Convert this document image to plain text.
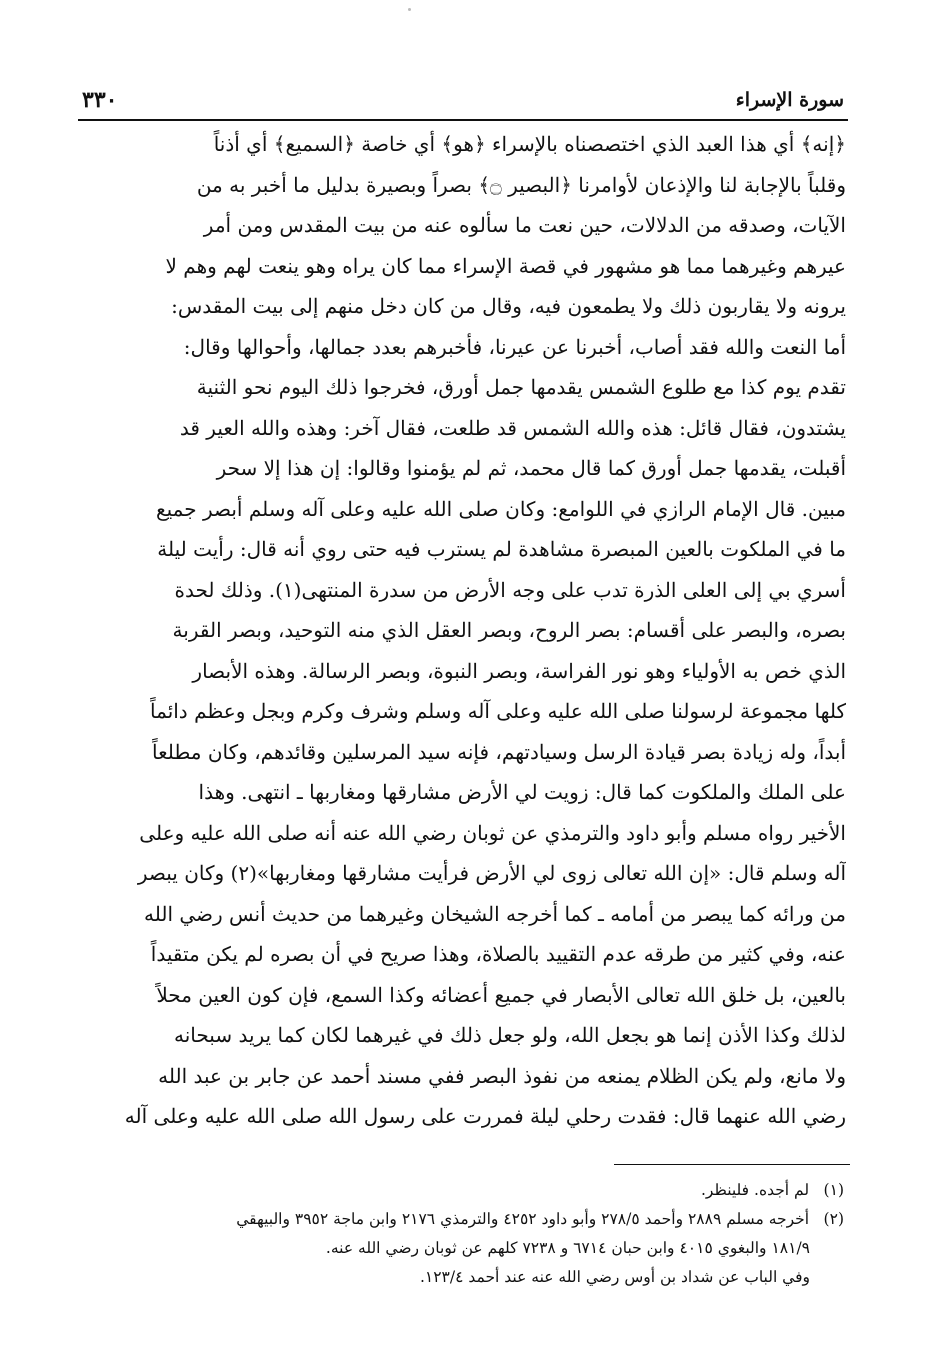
سورة الإسراء
٣٣٠
﴿إنه﴾ أي هذا العبد الذي اختصصناه بالإسراء ﴿هو﴾ أي خاصة ﴿السميع﴾ أي أذناً
وقلباً بالإجابة لنا والإذعان لأوامرنا ﴿البصير ۝﴾ بصراً وبصيرة بدليل ما أخبر به من
الآيات، وصدقه من الدلالات، حين نعت ما سألوه عنه من بيت المقدس ومن أمر
عيرهم وغيرهما مما هو مشهور في قصة الإسراء مما كان يراه وهو ينعت لهم وهم لا
يرونه ولا يقاربون ذلك ولا يطمعون فيه، وقال من كان دخل منهم إلى بيت المقدس:
أما النعت والله فقد أصاب، أخبرنا عن عيرنا، فأخبرهم بعدد جمالها، وأحوالها وقال:
تقدم يوم كذا مع طلوع الشمس يقدمها جمل أورق، فخرجوا ذلك اليوم نحو الثنية
يشتدون، فقال قائل: هذه والله الشمس قد طلعت، فقال آخر: وهذه والله العير قد
أقبلت، يقدمها جمل أورق كما قال محمد، ثم لم يؤمنوا وقالوا: إن هذا إلا سحر
مبين. قال الإمام الرازي في اللوامع: وكان صلى الله عليه وعلى آله وسلم أبصر جميع
ما في الملكوت بالعين المبصرة مشاهدة لم يسترب فيه حتى روي أنه قال: رأيت ليلة
أسري بي إلى العلى الذرة تدب على وجه الأرض من سدرة المنتهى(١). وذلك لحدة
بصره، والبصر على أقسام: بصر الروح، وبصر العقل الذي منه التوحيد، وبصر القربة
الذي خص به الأولياء وهو نور الفراسة، وبصر النبوة، وبصر الرسالة. وهذه الأبصار
كلها مجموعة لرسولنا صلى الله عليه وعلى آله وسلم وشرف وكرم وبجل وعظم دائماً
أبداً، وله زيادة بصر قيادة الرسل وسيادتهم، فإنه سيد المرسلين وقائدهم، وكان مطلعاً
على الملك والملكوت كما قال: زويت لي الأرض مشارقها ومغاربها ـ انتهى. وهذا
الأخير رواه مسلم وأبو داود والترمذي عن ثوبان رضي الله عنه أنه صلى الله عليه وعلى
آله وسلم قال: «إن الله تعالى زوى لي الأرض فرأيت مشارقها ومغاربها»(٢) وكان يبصر
من ورائه كما يبصر من أمامه ـ كما أخرجه الشيخان وغيرهما من حديث أنس رضي الله
عنه، وفي كثير من طرقه عدم التقييد بالصلاة، وهذا صريح في أن بصره لم يكن متقيداً
بالعين، بل خلق الله تعالى الأبصار في جميع أعضائه وكذا السمع، فإن كون العين محلاً
لذلك وكذا الأذن إنما هو بجعل الله، ولو جعل ذلك في غيرهما لكان كما يريد سبحانه
ولا مانع، ولم يكن الظلام يمنعه من نفوذ البصر ففي مسند أحمد عن جابر بن عبد الله
رضي الله عنهما قال: فقدت رحلي ليلة فمررت على رسول الله صلى الله عليه وعلى آله
(١) لم أجده. فلينظر.
(٢) أخرجه مسلم ٢٨٨٩ وأحمد ٢٧٨/٥ وأبو داود ٤٢٥٢ والترمذي ٢١٧٦ وابن ماجة ٣٩٥٢ والبيهقي
١٨١/٩ والبغوي ٤٠١٥ وابن حبان ٦٧١٤ و ٧٢٣٨ كلهم عن ثوبان رضي الله عنه.
وفي الباب عن شداد بن أوس رضي الله عنه عند أحمد ١٢٣/٤.
